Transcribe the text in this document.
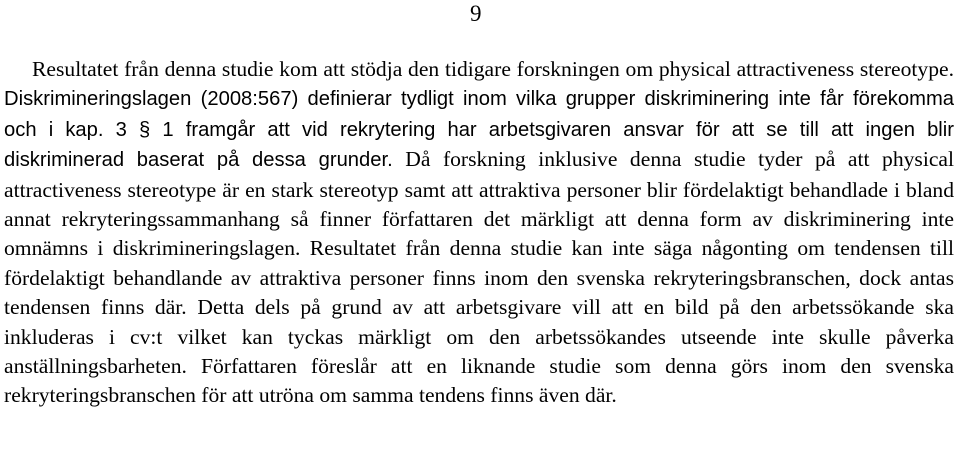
9
Resultatet från denna studie kom att stödja den tidigare forskningen om physical attractiveness stereotype. Diskrimineringslagen (2008:567) definierar tydligt inom vilka grupper diskriminering inte får förekomma och i kap. 3 § 1 framgår att vid rekrytering har arbetsgivaren ansvar för att se till att ingen blir diskriminerad baserat på dessa grunder. Då forskning inklusive denna studie tyder på att physical attractiveness stereotype är en stark stereotyp samt att attraktiva personer blir fördelaktigt behandlade i bland annat rekryteringssammanhang så finner författaren det märkligt att denna form av diskriminering inte omnämns i diskrimineringslagen. Resultatet från denna studie kan inte säga någonting om tendensen till fördelaktigt behandlande av attraktiva personer finns inom den svenska rekryteringsbranschen, dock antas tendensen finns där. Detta dels på grund av att arbetsgivare vill att en bild på den arbetssökande ska inkluderas i cv:t vilket kan tyckas märkligt om den arbetssökandes utseende inte skulle påverka anställningsbarheten. Författaren föreslår att en liknande studie som denna görs inom den svenska rekryteringsbranschen för att utröna om samma tendens finns även där.
